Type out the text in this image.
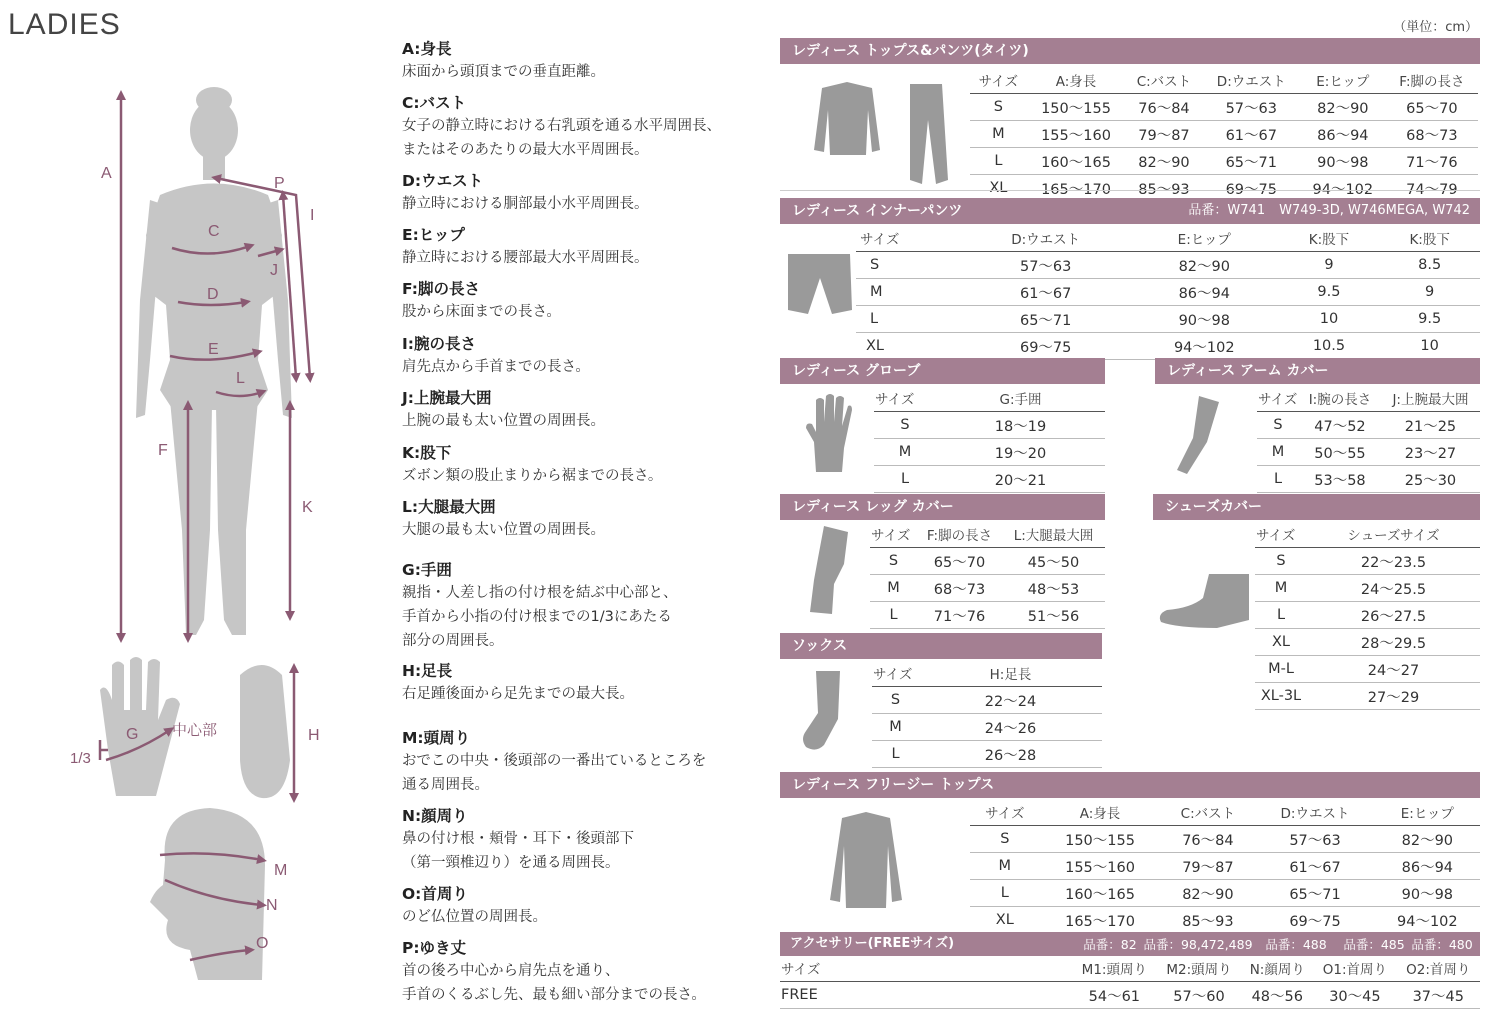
LADIES	（単位：cm）
A
P
I
C
J
D
E
L
F
K
G 中心部
1/3
H
M
N
O
A:身長
床面から頭頂までの垂直距離。
C:バスト
女子の静立時における右乳頭を通る水平周囲長、
またはそのあたりの最大水平周囲長。
D:ウエスト
静立時における胴部最小水平周囲長。
E:ヒップ
静立時における腰部最大水平周囲長。
F:脚の長さ
股から床面までの長さ。
I:腕の長さ
肩先点から手首までの長さ。
J:上腕最大囲
上腕の最も太い位置の周囲長。
K:股下
ズボン類の股止まりから裾までの長さ。
L:大腿最大囲
大腿の最も太い位置の周囲長。
G:手囲
親指・人差し指の付け根を結ぶ中心部と、
手首から小指の付け根までの1/3にあたる
部分の周囲長。
H:足長
右足踵後面から足先までの最大長。
M:頭周り
おでこの中央・後頭部の一番出ているところを
通る周囲長。
N:顔周り
鼻の付け根・頬骨・耳下・後頭部下
（第一頸椎辺り）を通る周囲長。
O:首周り
のど仏位置の周囲長。
P:ゆき丈
首の後ろ中心から肩先点を通り、
手首のくるぶし先、最も細い部分までの長さ。
レディース トップス&パンツ(タイツ)
サイズ	A:身長	C:バスト	D:ウエスト	E:ヒップ	F:脚の長さ
S	150〜155	76〜84	57〜63	82〜90	65〜70
M	155〜160	79〜87	61〜67	86〜94	68〜73
L	160〜165	82〜90	65〜71	90〜98	71〜76
XL	165〜170	85〜93	69〜75	94〜102	74〜79
レディース インナーパンツ	品番：W741 W749-3D, W746MEGA, W742
サイズ	D:ウエスト	E:ヒップ	K:股下	K:股下
S	57〜63	82〜90	9	8.5
M	61〜67	86〜94	9.5	9
L	65〜71	90〜98	10	9.5
XL	69〜75	94〜102	10.5	10
レディース グローブ
サイズ	G:手囲
S	18〜19
M	19〜20
L	20〜21
レディース アーム カバー
サイズ	I:腕の長さ	J:上腕最大囲
S	47〜52	21〜25
M	50〜55	23〜27
L	53〜58	25〜30
レディース レッグ カバー
サイズ	F:脚の長さ	L:大腿最大囲
S	65〜70	45〜50
M	68〜73	48〜53
L	71〜76	51〜56
シューズカバー
サイズ	シューズサイズ
S	22〜23.5
M	24〜25.5
L	26〜27.5
XL	28〜29.5
M-L	24〜27
XL-3L	27〜29
ソックス
サイズ	H:足長
S	22〜24
M	24〜26
L	26〜28
レディース フリージー トップス
サイズ	A:身長	C:バスト	D:ウエスト	E:ヒップ
S	150〜155	76〜84	57〜63	82〜90
M	155〜160	79〜87	61〜67	86〜94
L	160〜165	82〜90	65〜71	90〜98
XL	165〜170	85〜93	69〜75	94〜102
アクセサリー(FREEサイズ)	品番：82 品番：98,472,489 品番：488 品番：485 品番：480
サイズ	M1:頭周り	M2:頭周り	N:顔周り	O1:首周り	O2:首周り
FREE	54〜61	57〜60	48〜56	30〜45	37〜45
